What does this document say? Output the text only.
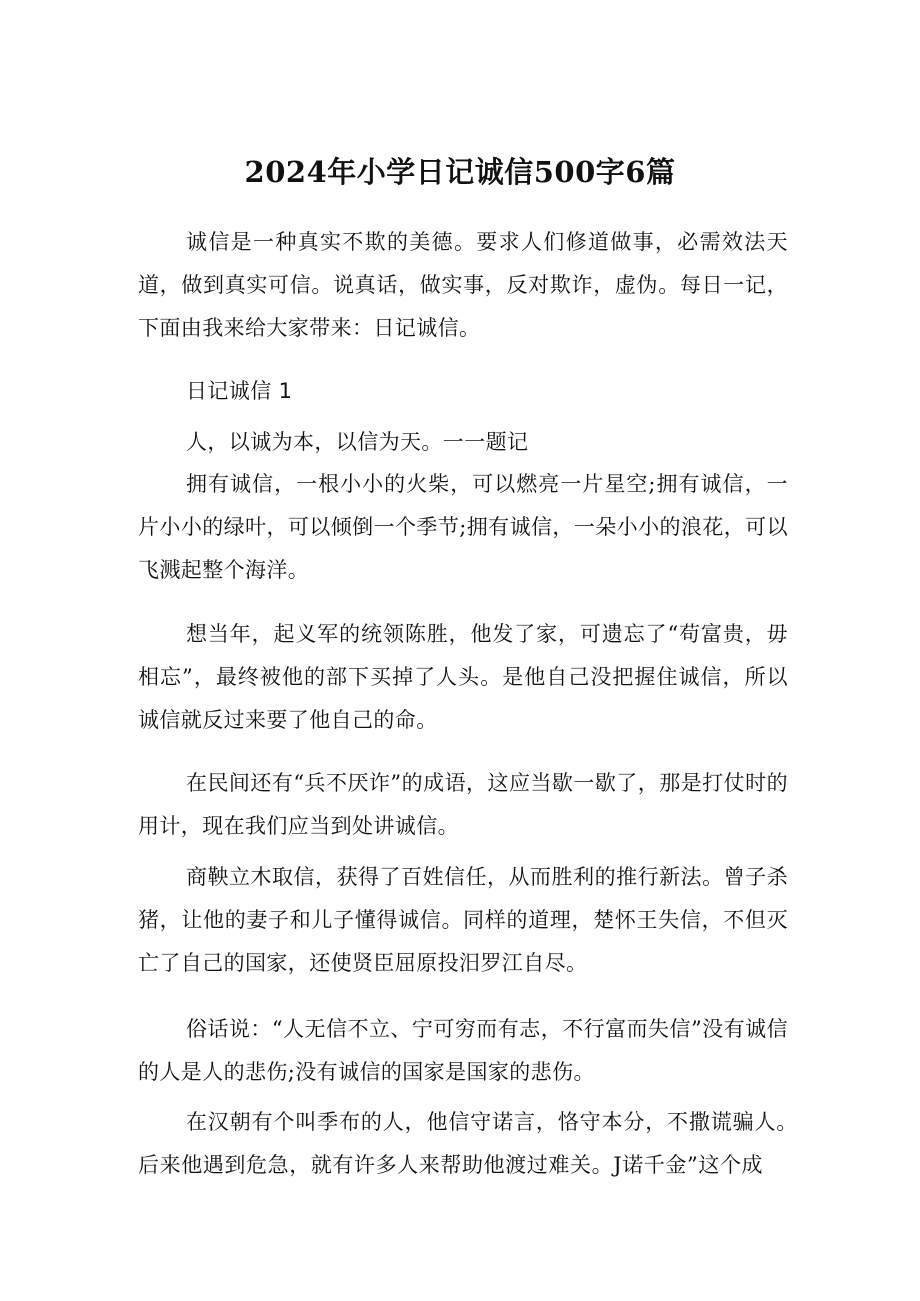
2024年小学日记诚信500字6篇

诚信是一种真实不欺的美德。要求人们修道做事，必需效法天道，做到真实可信。说真话，做实事，反对欺诈，虚伪。每日一记，下面由我来给大家带来：日记诚信。

日记诚信 1

人，以诚为本，以信为天。一一题记

拥有诚信，一根小小的火柴，可以燃亮一片星空;拥有诚信，一片小小的绿叶，可以倾倒一个季节;拥有诚信，一朵小小的浪花，可以飞溅起整个海洋。

想当年，起义军的统领陈胜，他发了家，可遗忘了“苟富贵，毋相忘”，最终被他的部下买掉了人头。是他自己没把握住诚信，所以诚信就反过来要了他自己的命。

在民间还有“兵不厌诈”的成语，这应当歇一歇了，那是打仗时的用计，现在我们应当到处讲诚信。

商鞅立木取信，获得了百姓信任，从而胜利的推行新法。曾子杀猪，让他的妻子和儿子懂得诚信。同样的道理，楚怀王失信，不但灭亡了自己的国家，还使贤臣屈原投汨罗江自尽。

俗话说：“人无信不立、宁可穷而有志，不行富而失信”没有诚信的人是人的悲伤;没有诚信的国家是国家的悲伤。

在汉朝有个叫季布的人，他信守诺言，恪守本分，不撒谎骗人。后来他遇到危急，就有许多人来帮助他渡过难关。J诺千金”这个成
